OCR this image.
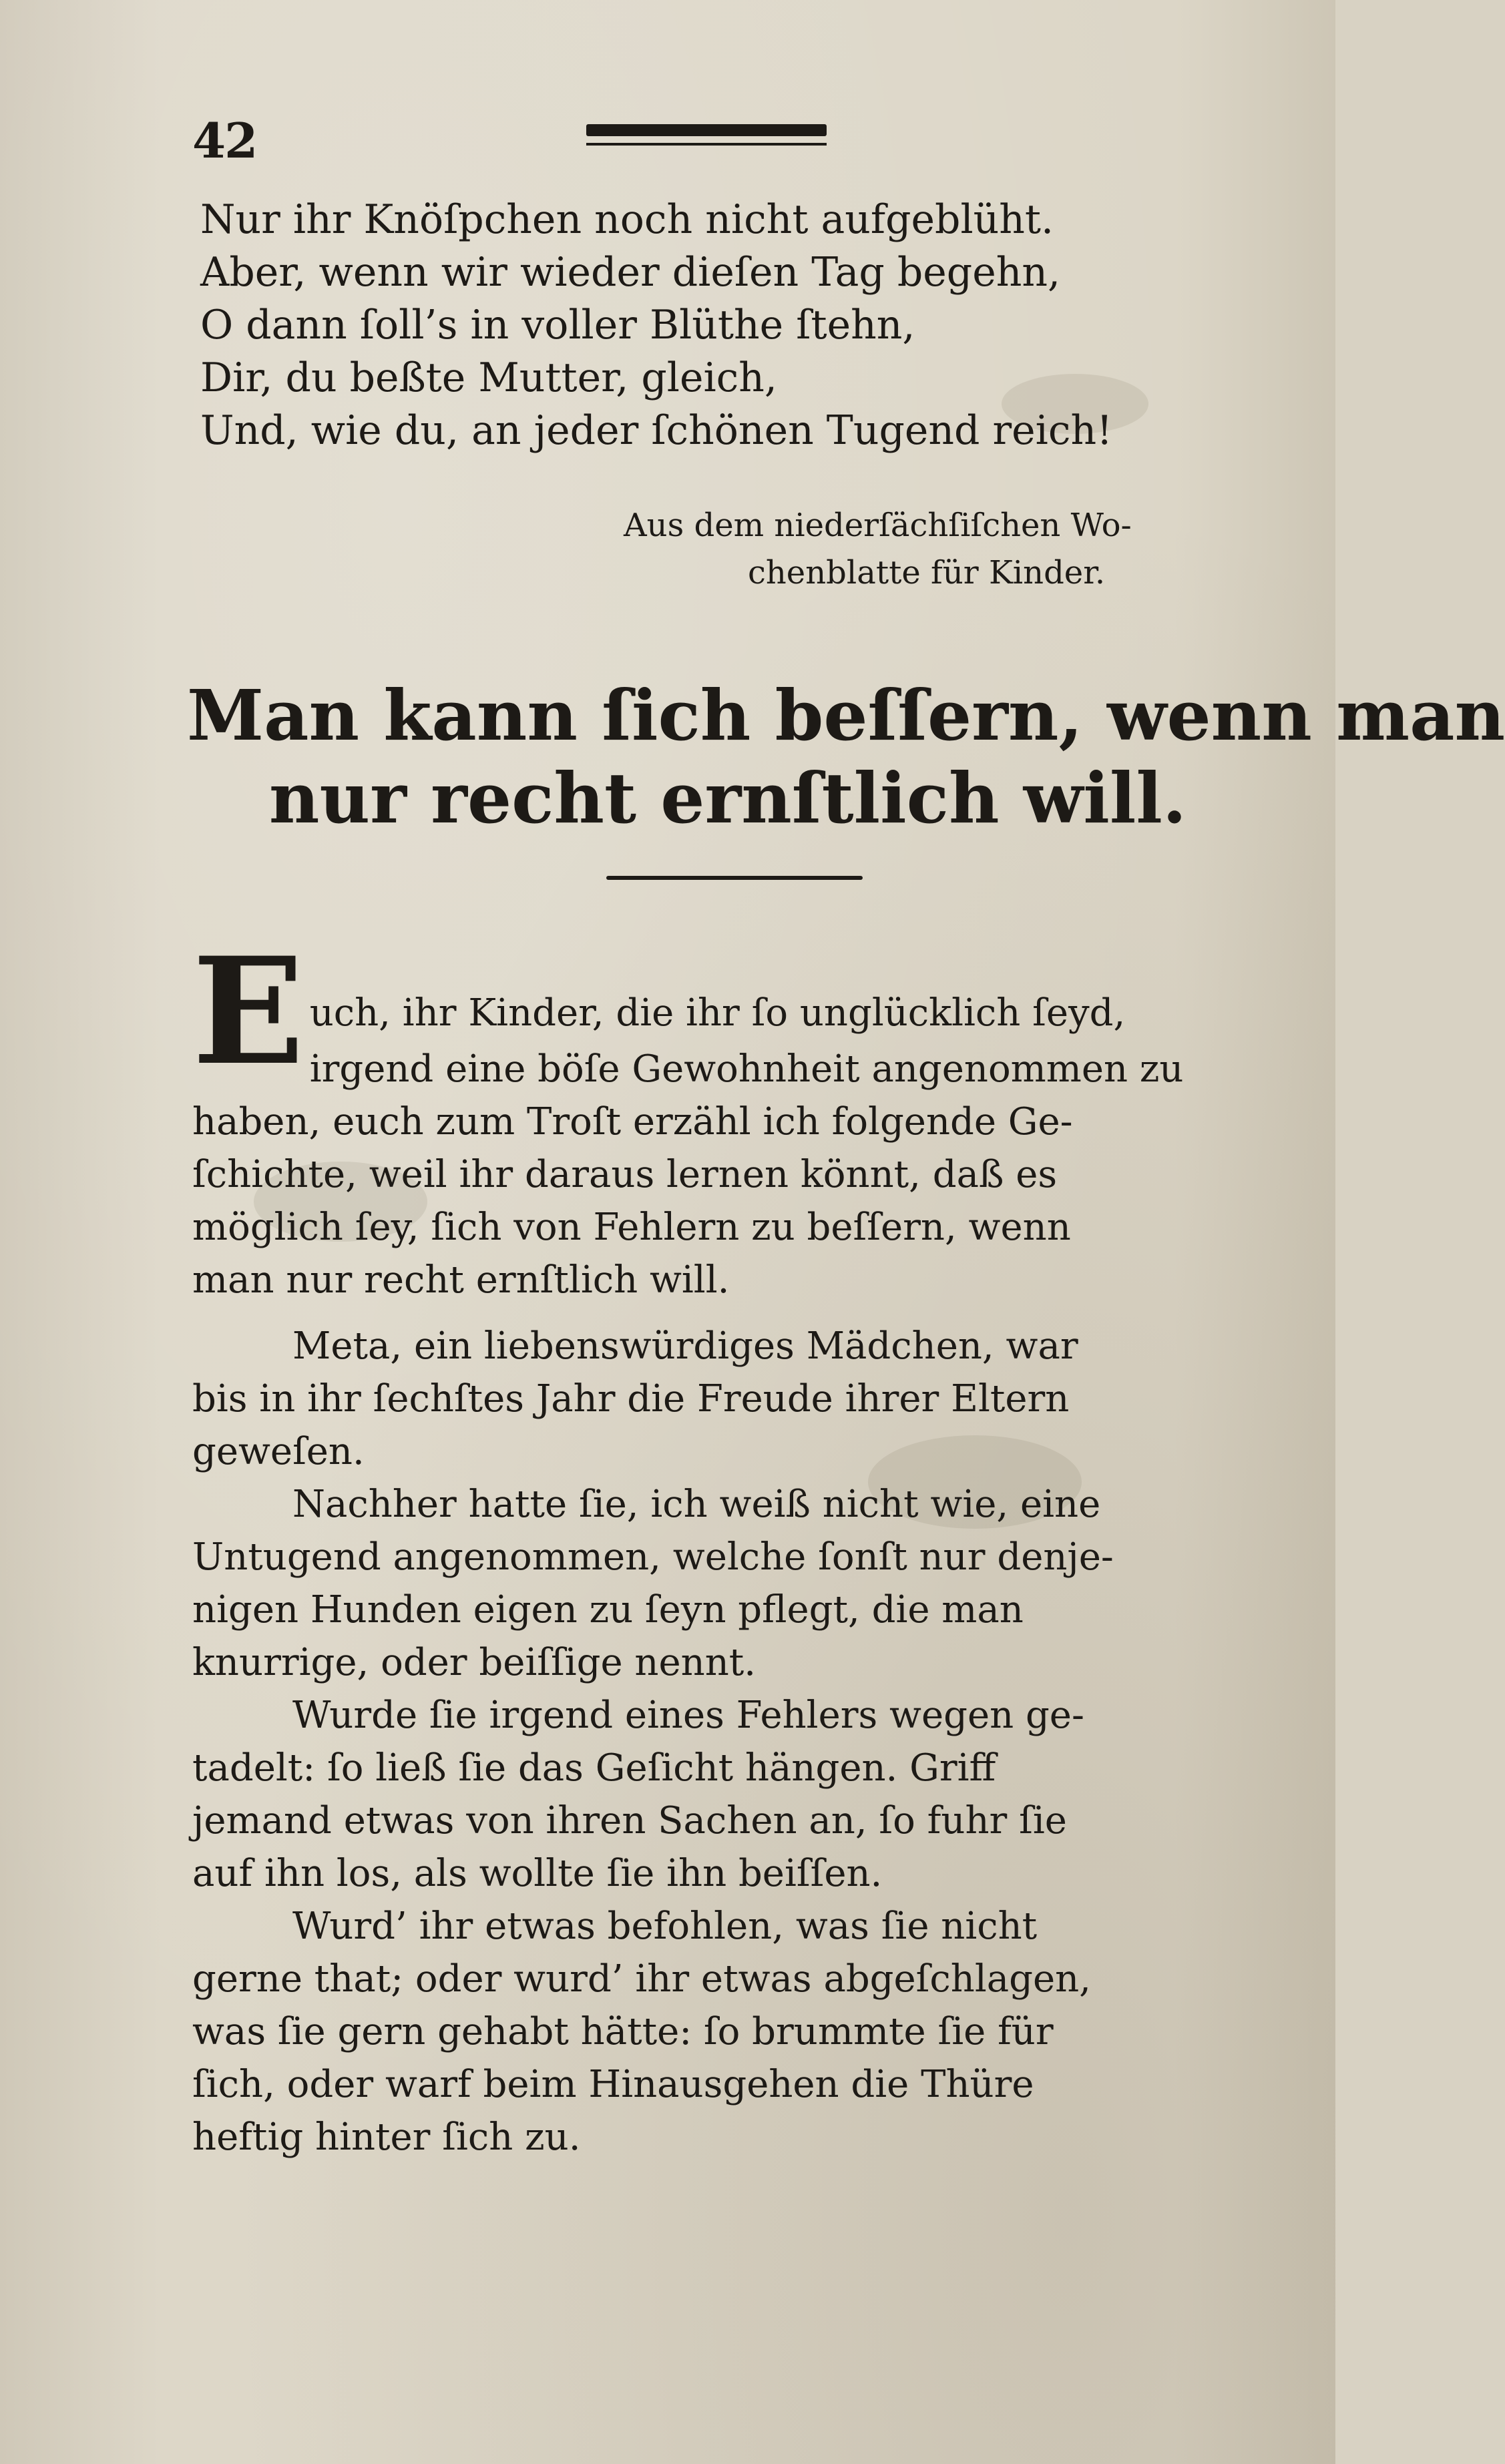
42
Nur ihr Knöſpchen noch nicht aufgeblüht.
Aber, wenn wir wieder dieſen Tag begehn,
O dann ſoll’s in voller Blüthe ſtehn,
Dir, du beßte Mutter, gleich,
Und, wie du, an jeder ſchönen Tugend reich!
Aus dem niederſächſiſchen Wo-
chenblatte für Kinder.
Man kann ſich beſſern, wenn man
nur recht ernſtlich will.
E uch, ihr Kinder, die ihr ſo unglücklich ſeyd,
irgend eine böſe Gewohnheit angenommen zu
haben, euch zum Troſt erzähl ich folgende Ge-
ſchichte, weil ihr daraus lernen könnt, daß es
möglich ſey, ſich von Fehlern zu beſſern, wenn
man nur recht ernſtlich will.
Meta, ein liebenswürdiges Mädchen, war
bis in ihr ſechſtes Jahr die Freude ihrer Eltern
geweſen.
Nachher hatte ſie, ich weiß nicht wie, eine
Untugend angenommen, welche ſonſt nur denje-
nigen Hunden eigen zu ſeyn pflegt, die man
knurrige, oder beiſſige nennt.
Wurde ſie irgend eines Fehlers wegen ge-
tadelt: ſo ließ ſie das Geſicht hängen. Griff
jemand etwas von ihren Sachen an, ſo fuhr ſie
auf ihn los, als wollte ſie ihn beiſſen.
Wurd’ ihr etwas befohlen, was ſie nicht
gerne that; oder wurd’ ihr etwas abgeſchlagen,
was ſie gern gehabt hätte: ſo brummte ſie für
ſich, oder warf beim Hinausgehen die Thüre
heftig hinter ſich zu.
